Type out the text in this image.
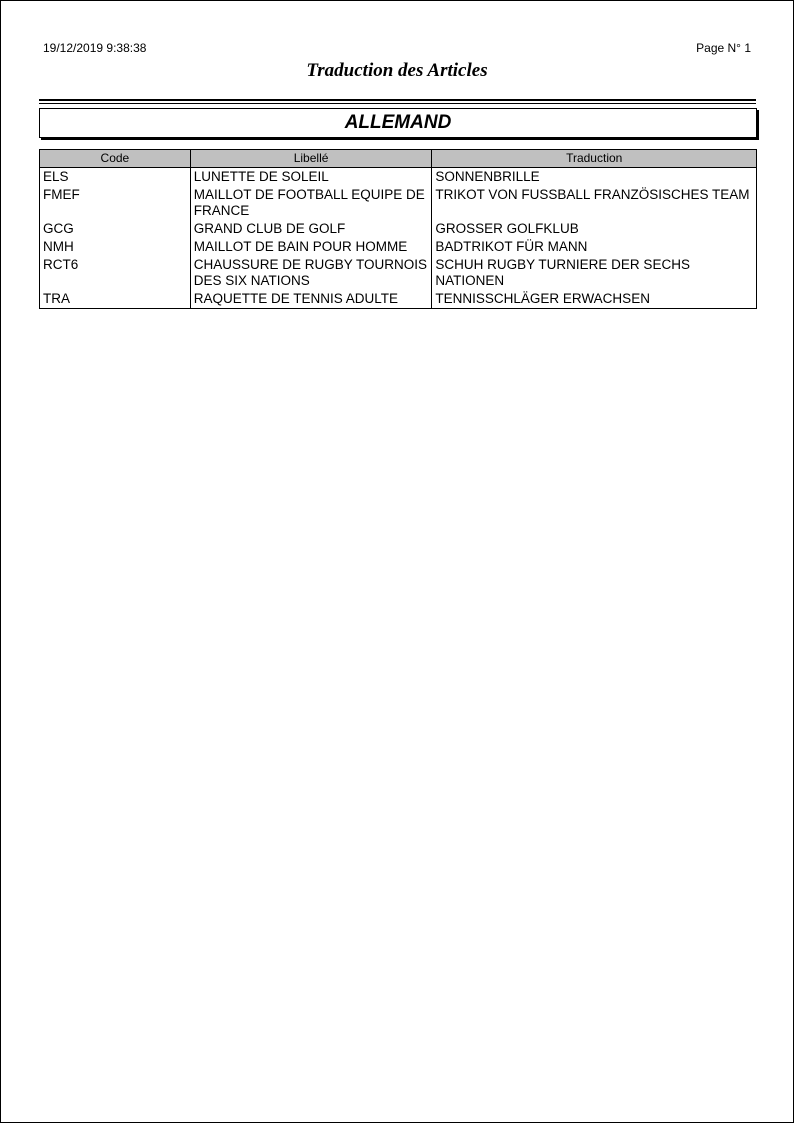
19/12/2019 9:38:38	Page N° 1
Traduction des Articles
ALLEMAND
Code	Libellé	Traduction
ELS	LUNETTE DE SOLEIL	SONNENBRILLE
FMEF	MAILLOT DE FOOTBALL EQUIPE DE FRANCE	TRIKOT VON FUSSBALL FRANZÖSISCHES TEAM
GCG	GRAND CLUB DE GOLF	GROSSER GOLFKLUB
NMH	MAILLOT DE BAIN POUR HOMME	BADTRIKOT FÜR MANN
RCT6	CHAUSSURE DE RUGBY TOURNOIS DES SIX NATIONS	SCHUH RUGBY TURNIERE DER SECHS NATIONEN
TRA	RAQUETTE DE TENNIS ADULTE	TENNISSCHLÄGER ERWACHSEN
